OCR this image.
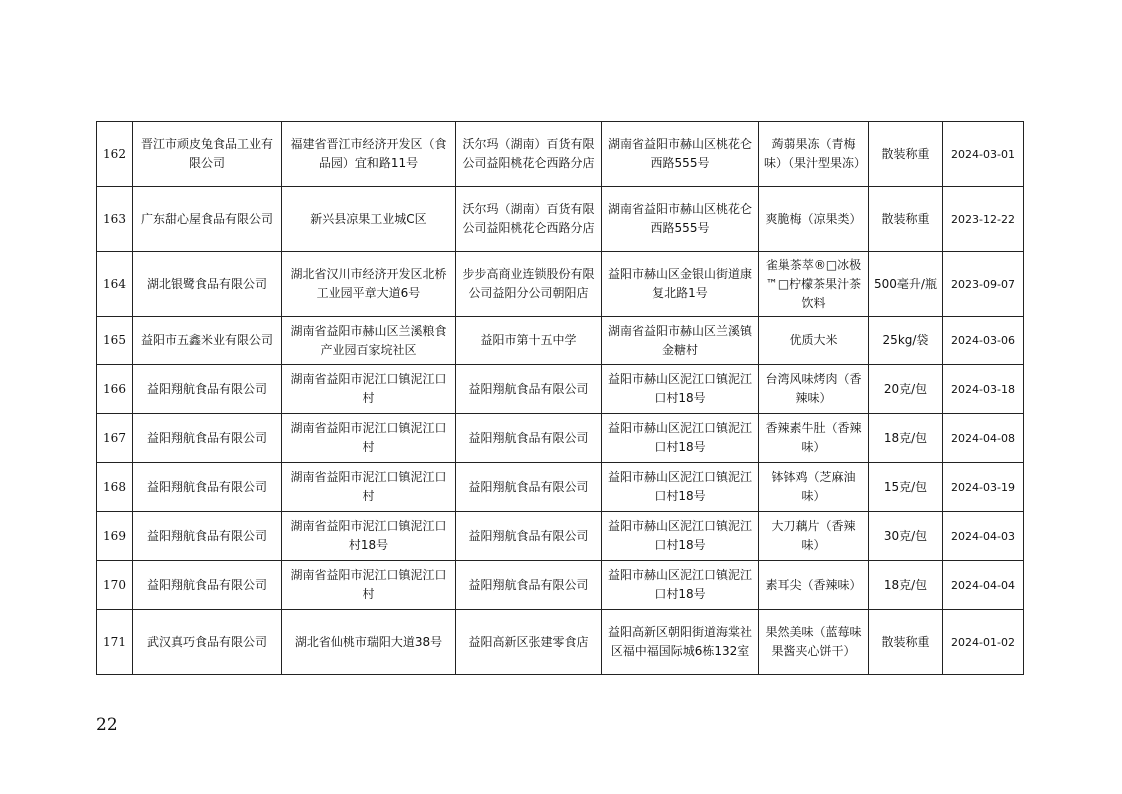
162	晋江市顽皮兔食品工业有限公司	福建省晋江市经济开发区（食品园）宜和路11号	沃尔玛（湖南）百货有限公司益阳桃花仑西路分店	湖南省益阳市赫山区桃花仑西路555号	蒟蒻果冻（青梅味）（果汁型果冻）	散装称重	2024-03-01
163	广东甜心屋食品有限公司	新兴县凉果工业城C区	沃尔玛（湖南）百货有限公司益阳桃花仑西路分店	湖南省益阳市赫山区桃花仑西路555号	爽脆梅（凉果类）	散装称重	2023-12-22
164	湖北银鹭食品有限公司	湖北省汉川市经济开发区北桥工业园平章大道6号	步步高商业连锁股份有限公司益阳分公司朝阳店	益阳市赫山区金银山街道康复北路1号	雀巢茶萃®□冰极™□柠檬茶果汁茶饮料	500毫升/瓶	2023-09-07
165	益阳市五鑫米业有限公司	湖南省益阳市赫山区兰溪粮食产业园百家垸社区	益阳市第十五中学	湖南省益阳市赫山区兰溪镇金糖村	优质大米	25kg/袋	2024-03-06
166	益阳翔航食品有限公司	湖南省益阳市泥江口镇泥江口村	益阳翔航食品有限公司	益阳市赫山区泥江口镇泥江口村18号	台湾风味烤肉（香辣味）	20克/包	2024-03-18
167	益阳翔航食品有限公司	湖南省益阳市泥江口镇泥江口村	益阳翔航食品有限公司	益阳市赫山区泥江口镇泥江口村18号	香辣素牛肚（香辣味）	18克/包	2024-04-08
168	益阳翔航食品有限公司	湖南省益阳市泥江口镇泥江口村	益阳翔航食品有限公司	益阳市赫山区泥江口镇泥江口村18号	钵钵鸡（芝麻油味）	15克/包	2024-03-19
169	益阳翔航食品有限公司	湖南省益阳市泥江口镇泥江口村18号	益阳翔航食品有限公司	益阳市赫山区泥江口镇泥江口村18号	大刀藕片（香辣味）	30克/包	2024-04-03
170	益阳翔航食品有限公司	湖南省益阳市泥江口镇泥江口村	益阳翔航食品有限公司	益阳市赫山区泥江口镇泥江口村18号	素耳尖（香辣味）	18克/包	2024-04-04
171	武汉真巧食品有限公司	湖北省仙桃市瑞阳大道38号	益阳高新区张建零食店	益阳高新区朝阳街道海棠社区福中福国际城6栋132室	果然美味（蓝莓味果酱夹心饼干）	散装称重	2024-01-02
22
